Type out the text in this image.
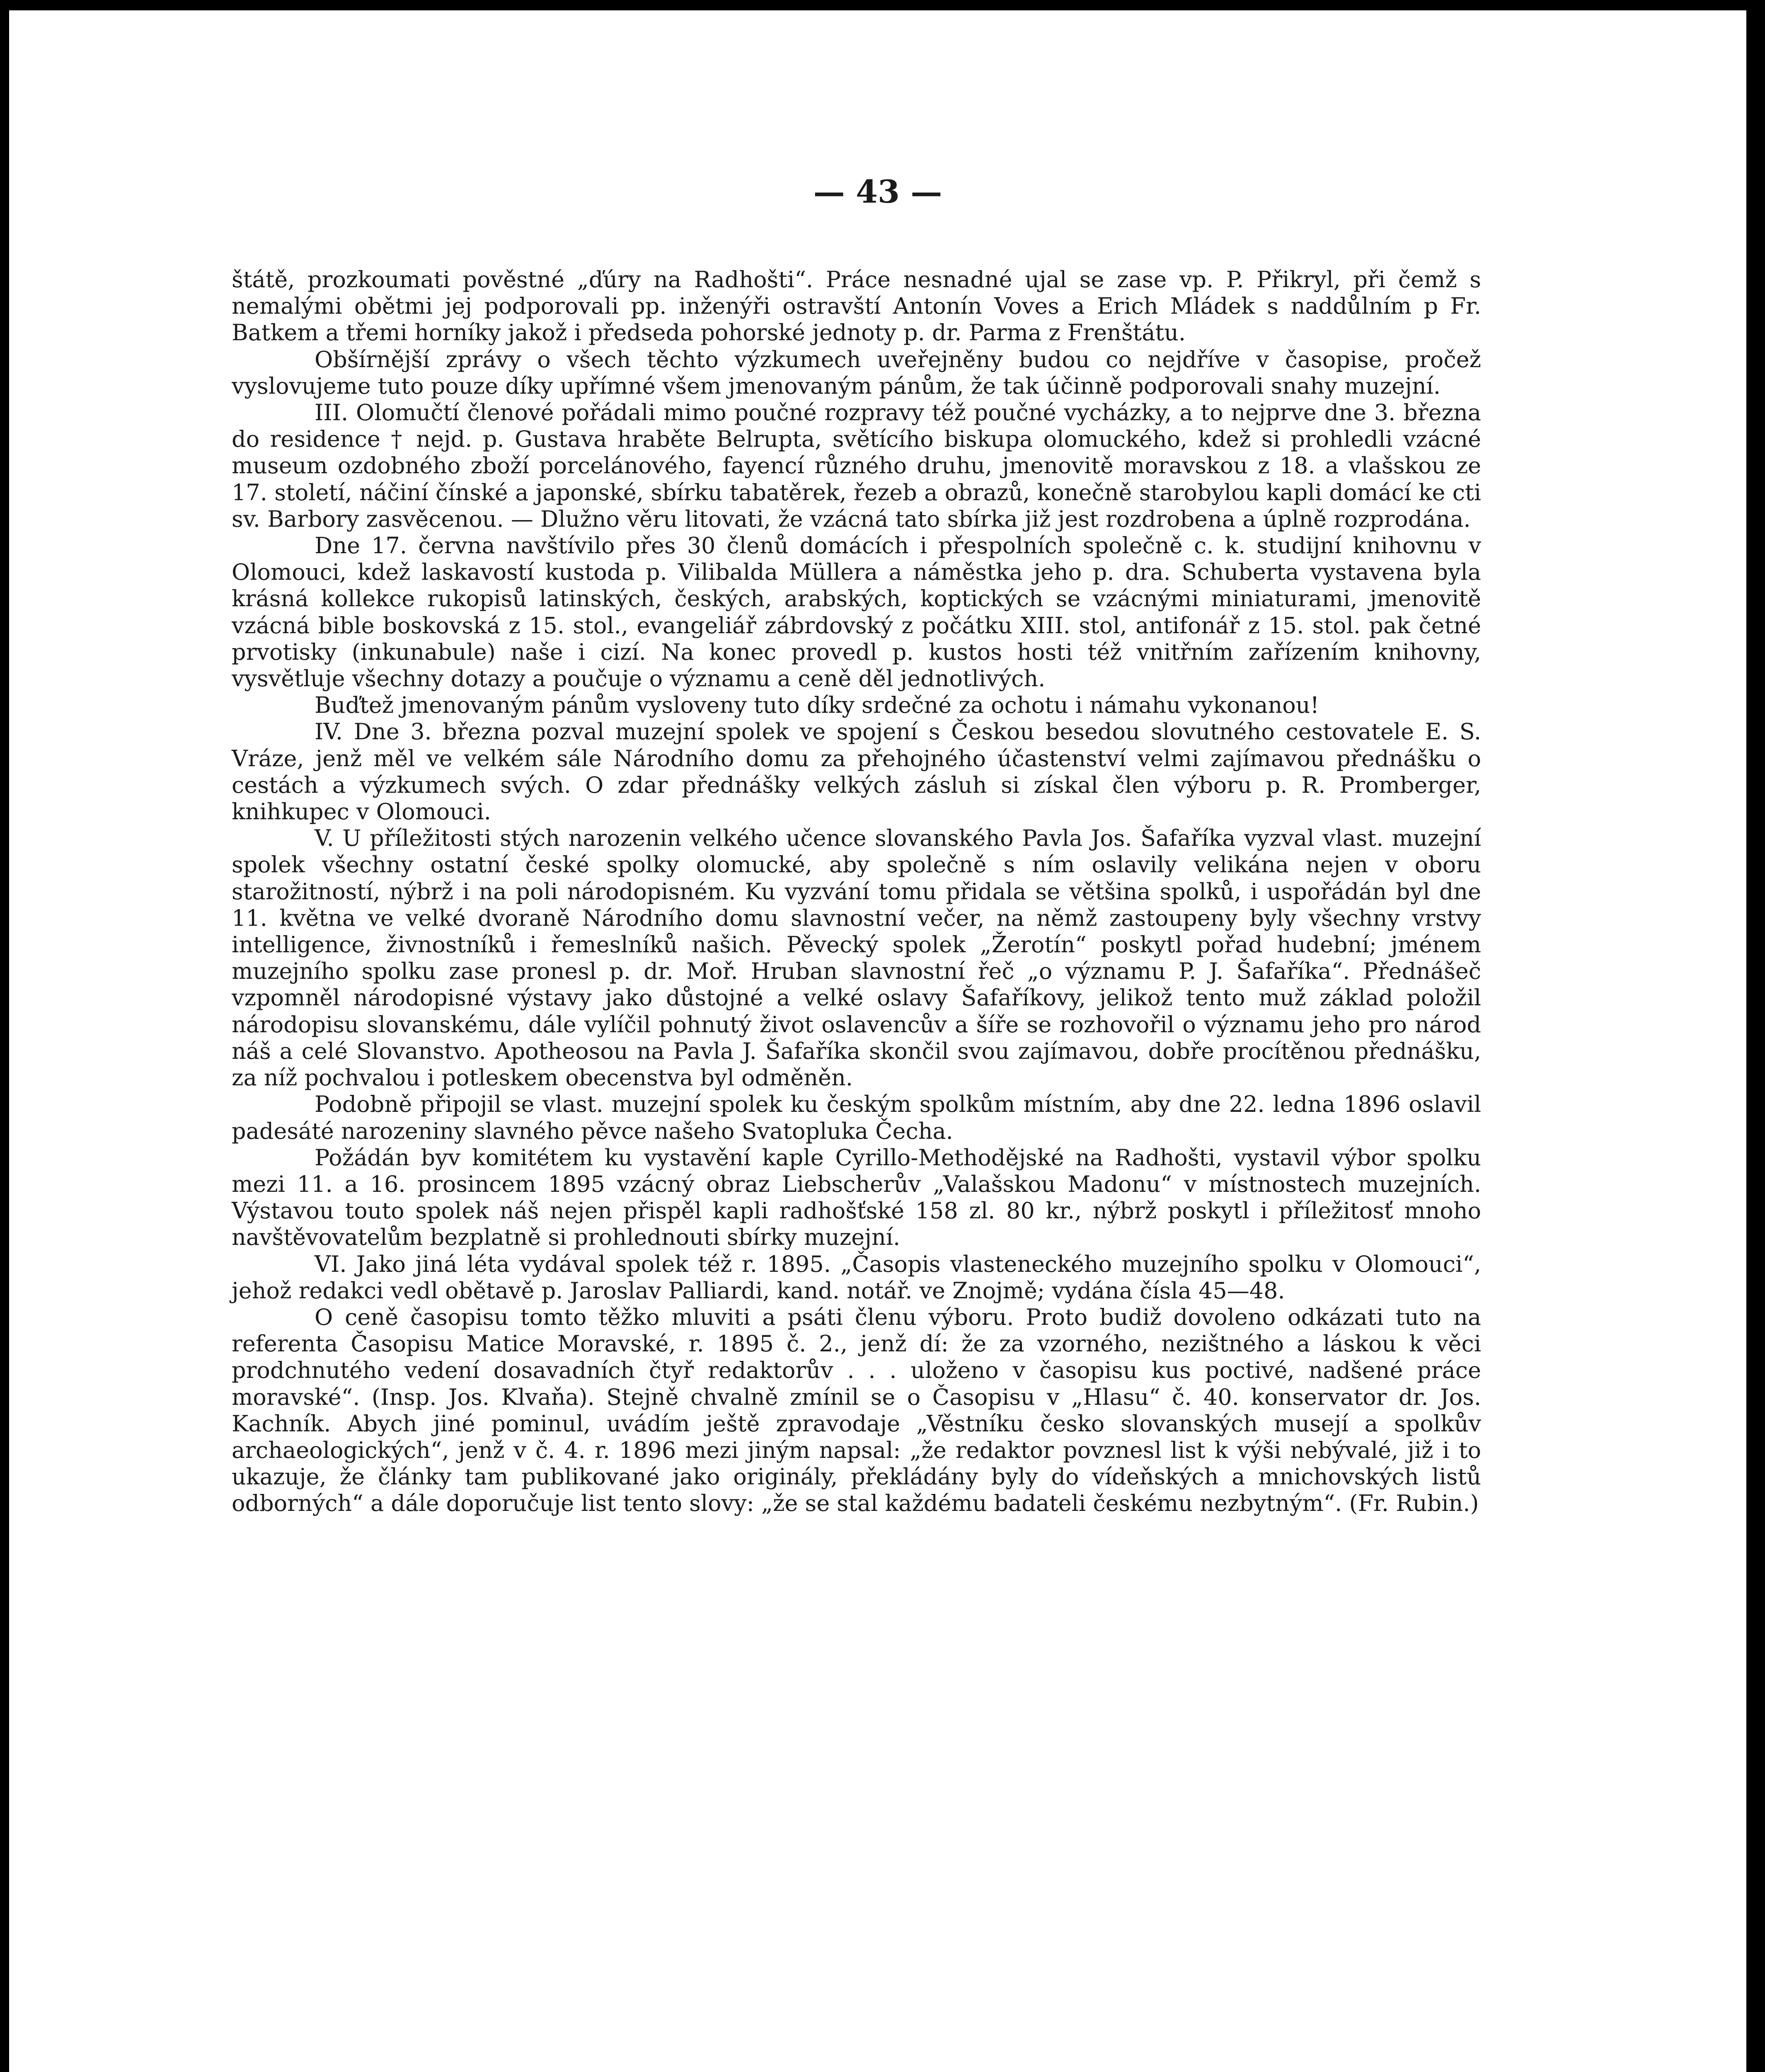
— 43 —

štátě, prozkoumati pověstné „ďúry na Radhošti“. Práce nesnadné ujal se zase vp. P. Přikryl, při čemž s nemalými obětmi jej podporovali pp. inženýři ostravští Antonín Voves a Erich Mládek s naddůlním p Fr. Batkem a třemi horníky jakož i předseda pohorské jednoty p. dr. Parma z Frenštátu.

Obšírnější zprávy o všech těchto výzkumech uveřejněny budou co nejdříve v časopise, pročež vyslovujeme tuto pouze díky upřímné všem jmenovaným pánům, že tak účinně podporovali snahy muzejní.

III. Olomučtí členové pořádali mimo poučné rozpravy též poučné vycházky, a to nejprve dne 3. března do residence † nejd. p. Gustava hraběte Belrupta, světícího biskupa olomuckého, kdež si prohledli vzácné museum ozdobného zboží porcelánového, fayencí různého druhu, jmenovitě moravskou z 18. a vlašskou ze 17. století, náčiní čínské a japonské, sbírku tabatěrek, řezeb a obrazů, konečně starobylou kapli domácí ke cti sv. Barbory zasvěcenou. — Dlužno věru litovati, že vzácná tato sbírka již jest rozdrobena a úplně rozprodána.

Dne 17. června navštívilo přes 30 členů domácích i přespolních společně c. k. studijní knihovnu v Olomouci, kdež laskavostí kustoda p. Vilibalda Müllera a náměstka jeho p. dra. Schuberta vystavena byla krásná kollekce rukopisů latinských, českých, arabských, koptických se vzácnými miniaturami, jmenovitě vzácná bible boskovská z 15. stol., evangeliář zábrdovský z počátku XIII. stol, antifonář z 15. stol. pak četné prvotisky (inkunabule) naše i cizí. Na konec provedl p. kustos hosti též vnitřním zařízením knihovny, vysvětluje všechny dotazy a poučuje o významu a ceně děl jednotlivých.

Buďtež jmenovaným pánům vysloveny tuto díky srdečné za ochotu i námahu vykonanou!

IV. Dne 3. března pozval muzejní spolek ve spojení s Českou besedou slovutného cestovatele E. S. Vráze, jenž měl ve velkém sále Národního domu za přehojného účastenství velmi zajímavou přednášku o cestách a výzkumech svých. O zdar přednášky velkých zásluh si získal člen výboru p. R. Promberger, knihkupec v Olomouci.

V. U příležitosti stých narozenin velkého učence slovanského Pavla Jos. Šafaříka vyzval vlast. muzejní spolek všechny ostatní české spolky olomucké, aby společně s ním oslavily velikána nejen v oboru starožitností, nýbrž i na poli národopisném. Ku vyzvání tomu přidala se většina spolků, i uspořádán byl dne 11. května ve velké dvoraně Národního domu slavnostní večer, na němž zastoupeny byly všechny vrstvy intelligence, živnostníků i řemeslníků našich. Pěvecký spolek „Žerotín“ poskytl pořad hudební; jménem muzejního spolku zase pronesl p. dr. Moř. Hruban slavnostní řeč „o významu P. J. Šafaříka“. Přednášeč vzpomněl národopisné výstavy jako důstojné a velké oslavy Šafaříkovy, jelikož tento muž základ položil národopisu slovanskému, dále vylíčil pohnutý život oslavencův a šíře se rozhovořil o významu jeho pro národ náš a celé Slovanstvo. Apotheosou na Pavla J. Šafaříka skončil svou zajímavou, dobře procítěnou přednášku, za níž pochvalou i potleskem obecenstva byl odměněn.

Podobně připojil se vlast. muzejní spolek ku českým spolkům místním, aby dne 22. ledna 1896 oslavil padesáté narozeniny slavného pěvce našeho Svatopluka Čecha.

Požádán byv komitétem ku vystavění kaple Cyrillo-Methodějské na Radhošti, vystavil výbor spolku mezi 11. a 16. prosincem 1895 vzácný obraz Liebscherův „Valašskou Madonu“ v místnostech muzejních. Výstavou touto spolek náš nejen přispěl kapli radhošťské 158 zl. 80 kr., nýbrž poskytl i příležitosť mnoho navštěvovatelům bezplatně si prohlednouti sbírky muzejní.

VI. Jako jiná léta vydával spolek též r. 1895. „Časopis vlasteneckého muzejního spolku v Olomouci“, jehož redakci vedl obětavě p. Jaroslav Palliardi, kand. notář. ve Znojmě; vydána čísla 45—48.

O ceně časopisu tomto těžko mluviti a psáti členu výboru. Proto budiž dovoleno odkázati tuto na referenta Časopisu Matice Moravské, r. 1895 č. 2., jenž dí: že za vzorného, nezištného a láskou k věci prodchnutého vedení dosavadních čtyř redaktorův . . . uloženo v časopisu kus poctivé, nadšené práce moravské“. (Insp. Jos. Klvaňa). Stejně chvalně zmínil se o Časopisu v „Hlasu“ č. 40. konservator dr. Jos. Kachník. Abych jiné pominul, uvádím ještě zpravodaje „Věstníku česko slovanských musejí a spolkův archaeologických“, jenž v č. 4. r. 1896 mezi jiným napsal: „že redaktor povznesl list k výši nebývalé, již i to ukazuje, že články tam publikované jako originály, překládány byly do vídeňských a mnichovských listů odborných“ a dále doporučuje list tento slovy: „že se stal každému badateli českému nezbytným“. (Fr. Rubin.)
